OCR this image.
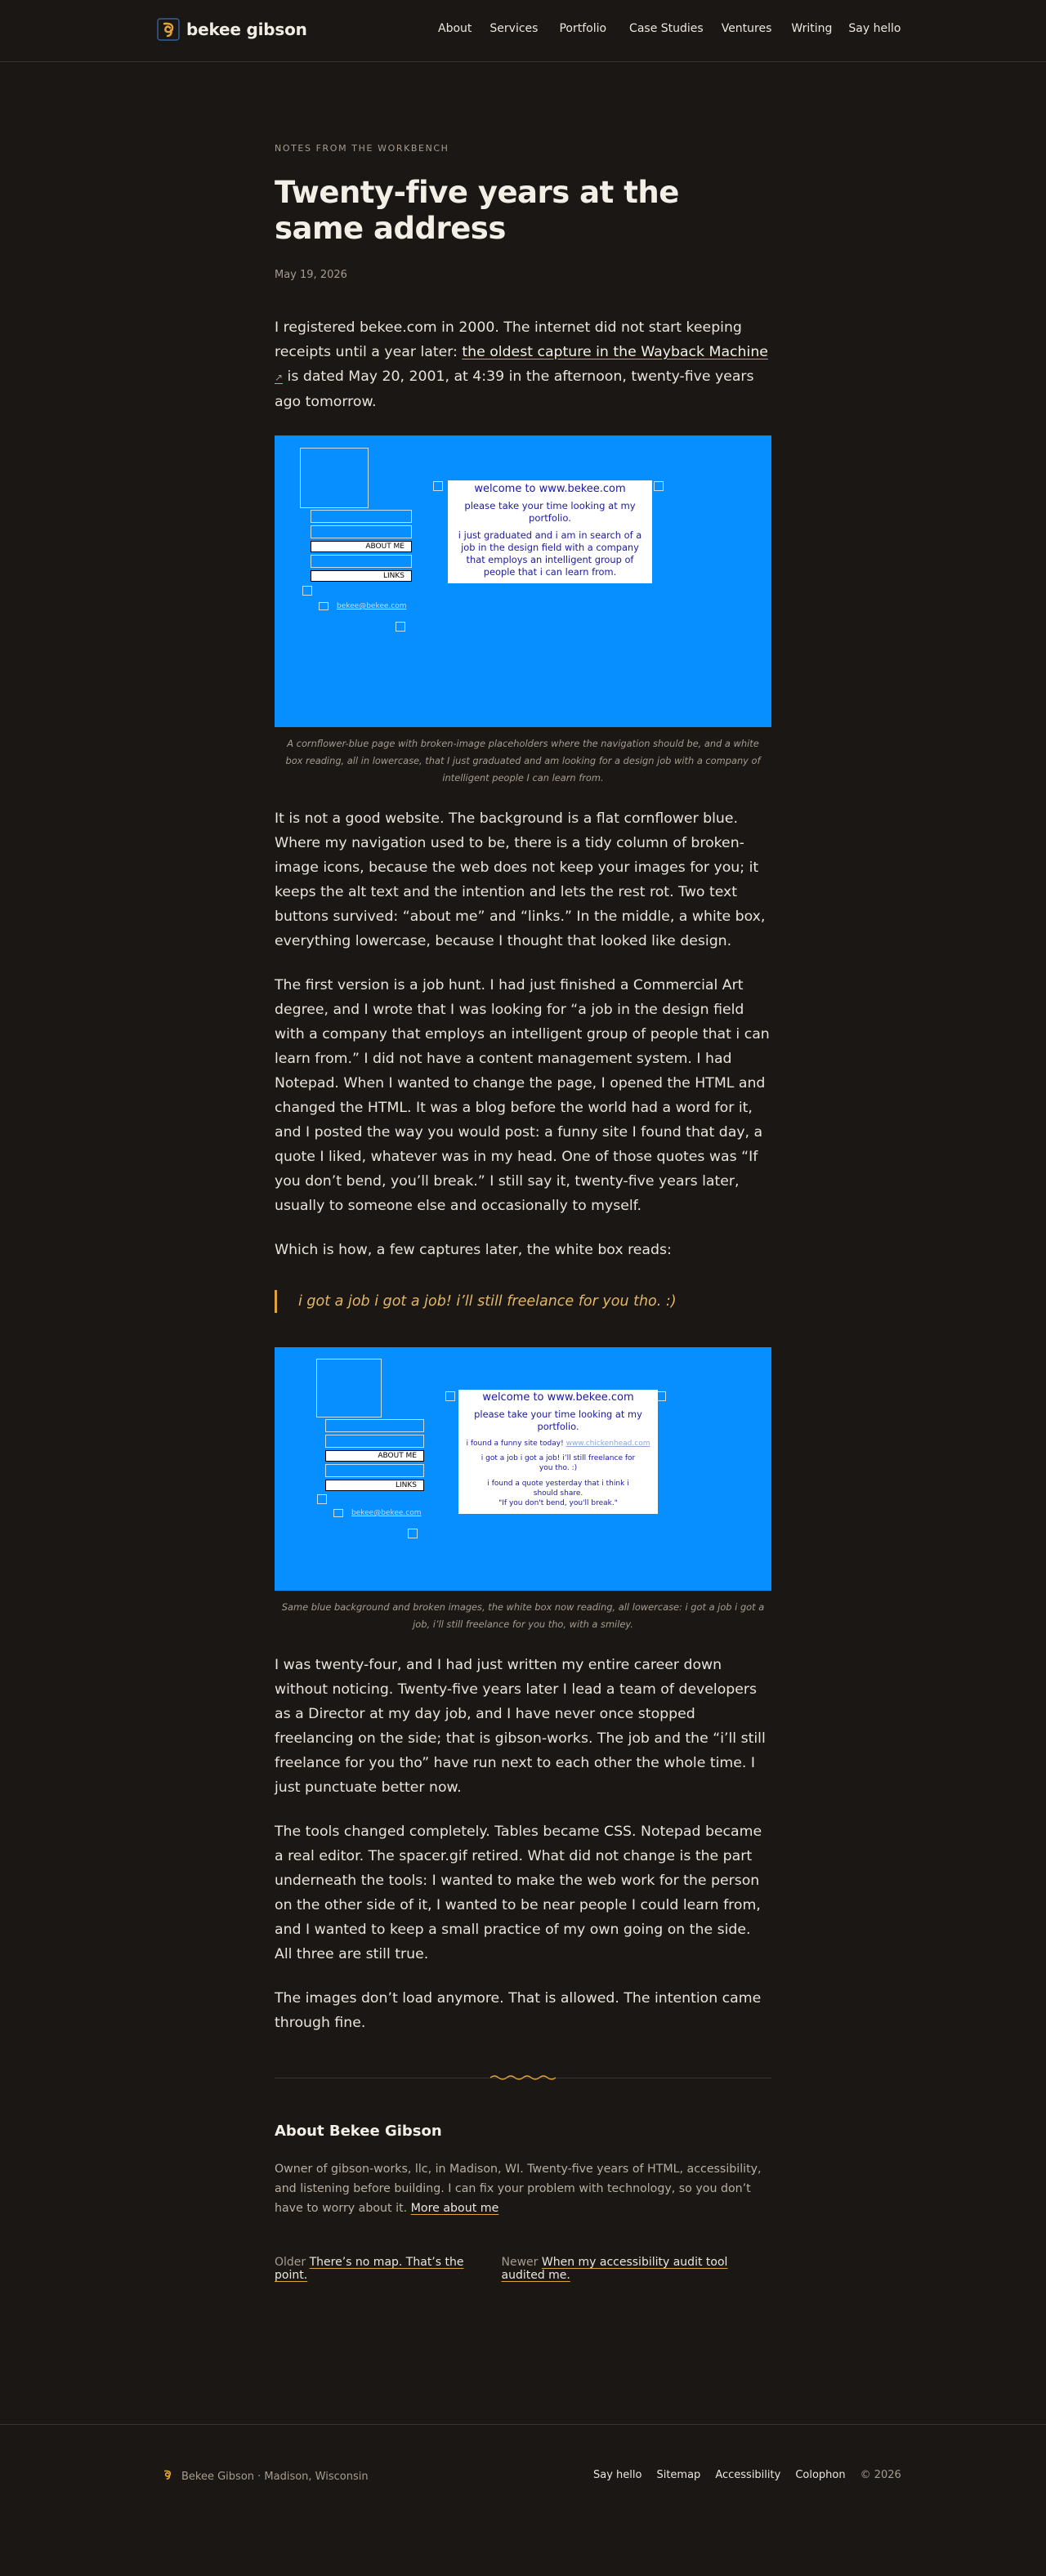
bekee gibson	About Services Portfolio Case Studies Ventures Writing Say hello

NOTES FROM THE WORKBENCH

Twenty-five years at the same address

May 19, 2026

I registered bekee.com in 2000. The internet did not start keeping receipts until a year later: the oldest capture in the Wayback Machine ↗ is dated May 20, 2001, at 4:39 in the afternoon, twenty-five years ago tomorrow.

ABOUT ME
LINKS
bekee@bekee.com
welcome to www.bekee.com
please take your time looking at my portfolio.
i just graduated and i am in search of a job in the design field with a company that employs an intelligent group of people that i can learn from.
A cornflower-blue page with broken-image placeholders where the navigation should be, and a white box reading, all in lowercase, that I just graduated and am looking for a design job with a company of intelligent people I can learn from.

It is not a good website. The background is a flat cornflower blue. Where my navigation used to be, there is a tidy column of broken-image icons, because the web does not keep your images for you; it keeps the alt text and the intention and lets the rest rot. Two text buttons survived: “about me” and “links.” In the middle, a white box, everything lowercase, because I thought that looked like design.

The first version is a job hunt. I had just finished a Commercial Art degree, and I wrote that I was looking for “a job in the design field with a company that employs an intelligent group of people that i can learn from.” I did not have a content management system. I had Notepad. When I wanted to change the page, I opened the HTML and changed the HTML. It was a blog before the world had a word for it, and I posted the way you would post: a funny site I found that day, a quote I liked, whatever was in my head. One of those quotes was “If you don’t bend, you’ll break.” I still say it, twenty-five years later, usually to someone else and occasionally to myself.

Which is how, a few captures later, the white box reads:

i got a job i got a job! i’ll still freelance for you tho. :)
ABOUT ME
LINKS
bekee@bekee.com
welcome to www.bekee.com
please take your time looking at my portfolio.
i found a funny site today! www.chickenhead.com
i got a job i got a job! i’ll still freelance for you tho. :)
i found a quote yesterday that i think i should share.
"If you don't bend, you'll break."
Same blue background and broken images, the white box now reading, all lowercase: i got a job i got a job, i’ll still freelance for you tho, with a smiley.

I was twenty-four, and I had just written my entire career down without noticing. Twenty-five years later I lead a team of developers as a Director at my day job, and I have never once stopped freelancing on the side; that is gibson-works. The job and the “i’ll still freelance for you tho” have run next to each other the whole time. I just punctuate better now.

The tools changed completely. Tables became CSS. Notepad became a real editor. The spacer.gif retired. What did not change is the part underneath the tools: I wanted to make the web work for the person on the other side of it, I wanted to be near people I could learn from, and I wanted to keep a small practice of my own going on the side. All three are still true.

The images don’t load anymore. That is allowed. The intention came through fine.

About Bekee Gibson

Owner of gibson-works, llc, in Madison, WI. Twenty-five years of HTML, accessibility, and listening before building. I can fix your problem with technology, so you don’t have to worry about it. More about me

Older There’s no map. That’s the point.
Newer When my accessibility audit tool audited me.
Bekee Gibson · Madison, Wisconsin	Say hello Sitemap Accessibility Colophon © 2026
